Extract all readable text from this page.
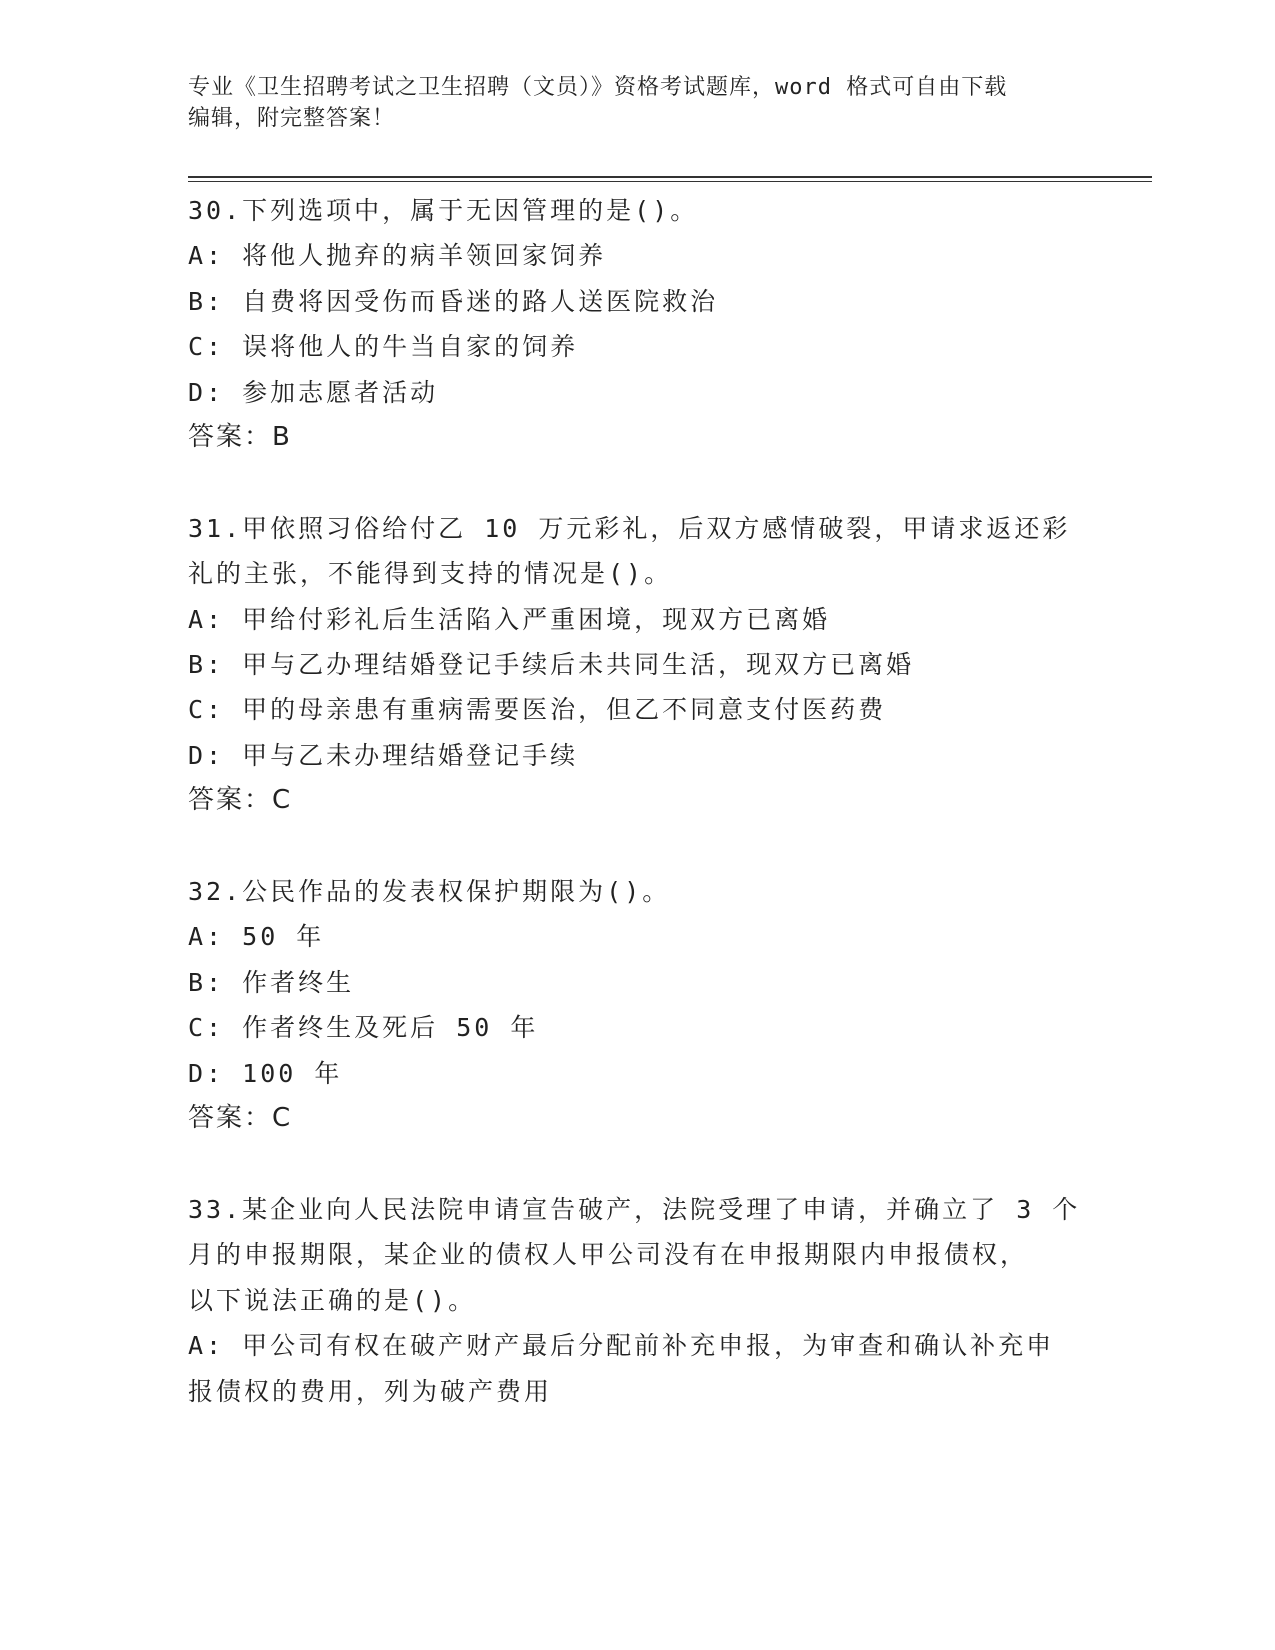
专业《卫生招聘考试之卫生招聘（文员）》资格考试题库，word 格式可自由下载
编辑，附完整答案！
30.下列选项中，属于无因管理的是()。
A: 将他人抛弃的病羊领回家饲养
B: 自费将因受伤而昏迷的路人送医院救治
C: 误将他人的牛当自家的饲养
D: 参加志愿者活动
答案：B
31.甲依照习俗给付乙 10 万元彩礼，后双方感情破裂，甲请求返还彩
礼的主张，不能得到支持的情况是()。
A: 甲给付彩礼后生活陷入严重困境，现双方已离婚
B: 甲与乙办理结婚登记手续后未共同生活，现双方已离婚
C: 甲的母亲患有重病需要医治，但乙不同意支付医药费
D: 甲与乙未办理结婚登记手续
答案：C
32.公民作品的发表权保护期限为()。
A: 50 年
B: 作者终生
C: 作者终生及死后 50 年
D: 100 年
答案：C
33.某企业向人民法院申请宣告破产，法院受理了申请，并确立了 3 个
月的申报期限，某企业的债权人甲公司没有在申报期限内申报债权，
以下说法正确的是()。
A: 甲公司有权在破产财产最后分配前补充申报，为审查和确认补充申
报债权的费用，列为破产费用
